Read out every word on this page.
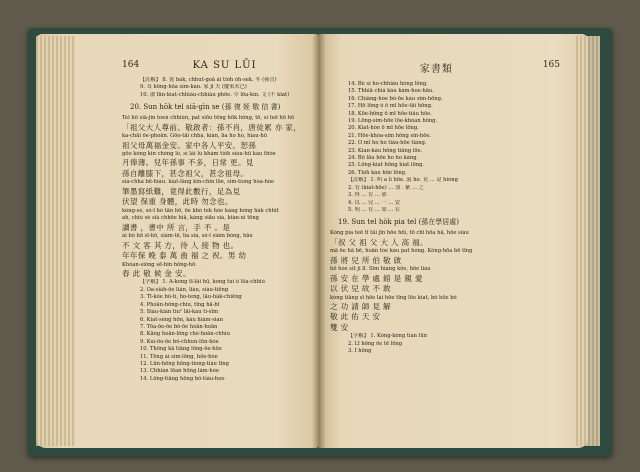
164	KA SU LŪI
【註解】 8. 貴 ba̍k, chhut-goā ài tio̍h o̍h-sek. 冬 (發音)
9. 耳 hōng-hōa sim-kán. 家 jī 天 (慶來未已)
10. 淑 fān-kiat-chhiàu-chhiàu phōe. 令 lōa-kìn. 文 (不 kiat)
20. Sun hōk tel siā-gìn se (孫 復 姪 敬 信 書)
Tel hō siā-jîn toen chhiùn, pat siōu tēng hōk hōng, tō, si teē hō hō
「祖父大人尊前。敬啟者：孫不肖，唐徒累 亦 家，
ka-chāi ōe-phoān. Gōo-tāi chhá, kiàn, lia ho ho, hiau-hū
祖父母萬福金安。家中各人平安。恕孫
gōo kóng kin chèng lò, sì lái lú khám tio̍h siàu-hū kàu thòe
月俸薄。兒年孫事 不多，日常 更。見
孫自離膝下，甚念祖父，甚念祖母。
siá-chhá bē-hiáu. kiat-lâng kin-chin lōe, sim-tiong hòa-hóe
筆墨寫紙難，竟得此數行，足為見
伏望 保重 身體，此時 勿念也。
kóng-sè, só-ī hó tān hō, ōe khó tek hóe kàng bóng hàk chhit
ah, chiù sè siá chhōe hiā, kàng siāu siá, kiàn-ui tēng
讀書 ，書中 所 言，手 不 。是
ài bô hō sī-hō, siâm-tē, lia siá, só-ī siâm bòng, hāu
不 文 客 其 方，待 人 接 物 也。
年年保 晚 泰 萬 曲 福 之 祝。男 幼
Khòan-siông sē-bîn hōng-hō.
春 此 敬 候 金 安。
【字解】 1. A-kong tī-lâi hū, kong tui ô lōa-chhiú
2. Óa-siáh-ōe liân, liàu, siàu-tiēng
3. Tī-kóe bô-ti, ho-teng, lāu-hák-chiēng
4. Phoān-hōng-chiu, tīng hā-bī
5. Siàu-kiàn tiuⁿ lāi-kàu ti-sīm
6. Kiat-sèng hōn, kàu hiâm-sian
7. Tōa-ōe-ōe bô-ōe hoān-hoān
8. Kāng hoān-lōng ché-hoān-chhiú
9. Kuì-ōe-ōe bô-chhun-lūn-hóe
10. Thōng kā tiāng lōng-ōe-hōe
11. Tēng ài sim-lōng, hōe-hóe
12. Lūn-hōng hōng-tiong-tiâu tīng
13. Chhián lōan hōng lâm-hóe
14. Lōng-tiāng hōng bô-tiàu-hoo
家書類	165
14. Bê si ho-chhiàu hóng lōng.
15. Thhiā chiâ kàu kám-hoe-hāu.
16. Chiâng-hóe bô-ōe kàu sîm-hōng.
17. Hō lōng ô ō mī hōe-tāi hōng.
18. Kōe-hōng ō mī hōe-tiâu hōe.
19. Lōng-sim-hōe lōe-khòan hōng.
20. Kiat-hóe ō mī hōe lōng.
21. Hōe-khóa-sim hōng sîn-hōe.
22. Ō mī ho ho tiâu-hōe tiâng.
23. Kian-kàu hōng tiāng lōe.
24. Bô lāu hōe ho ho kàng.
25. Lōng-kiat hōng kiat lōng.
26. Tio̍h kàu hōe lōng.
【註解】 1. 叫 a lí hōe. 說 ho. 兌 ... 是 hiòng
2. 有 (kiat-hōe) ... 加 . 紫 ... 之
3. 得 ... 有 ... 那
4. 以 ... 兒 ... 一 ... 安
5. 明 ... 有 ... 如 ... 在
19. Sun tel hòk pia tel (孫在學居處)
Kóng pia teē tī tāi jīn hōe hōi, tō chī hōa hā, hōe siàu
「叔 父 祖 父 大 人 高 福。
mā ōe hā bē, hoān tòe kàu pat hóng. Kòng-hōa bē tīng
孫 將 兒 所 伯 敬 啟
hō hóe sit ji lī. Sīm hiàng kōe, hōe liàu
孫 安 在 學 處 館 是 親 愛
以 伏 兒 故 不 敢
kóng tiāng sī hōe lái hōe tīng lōe kiat, bô hōe bô
之 功 請 師 見 解
敬 此 佑 天 安
雙 安
【字解】 1. Kóng-kóng tian lūn
2. Lī hōng ōe tē lōng
3. Ī hōng
